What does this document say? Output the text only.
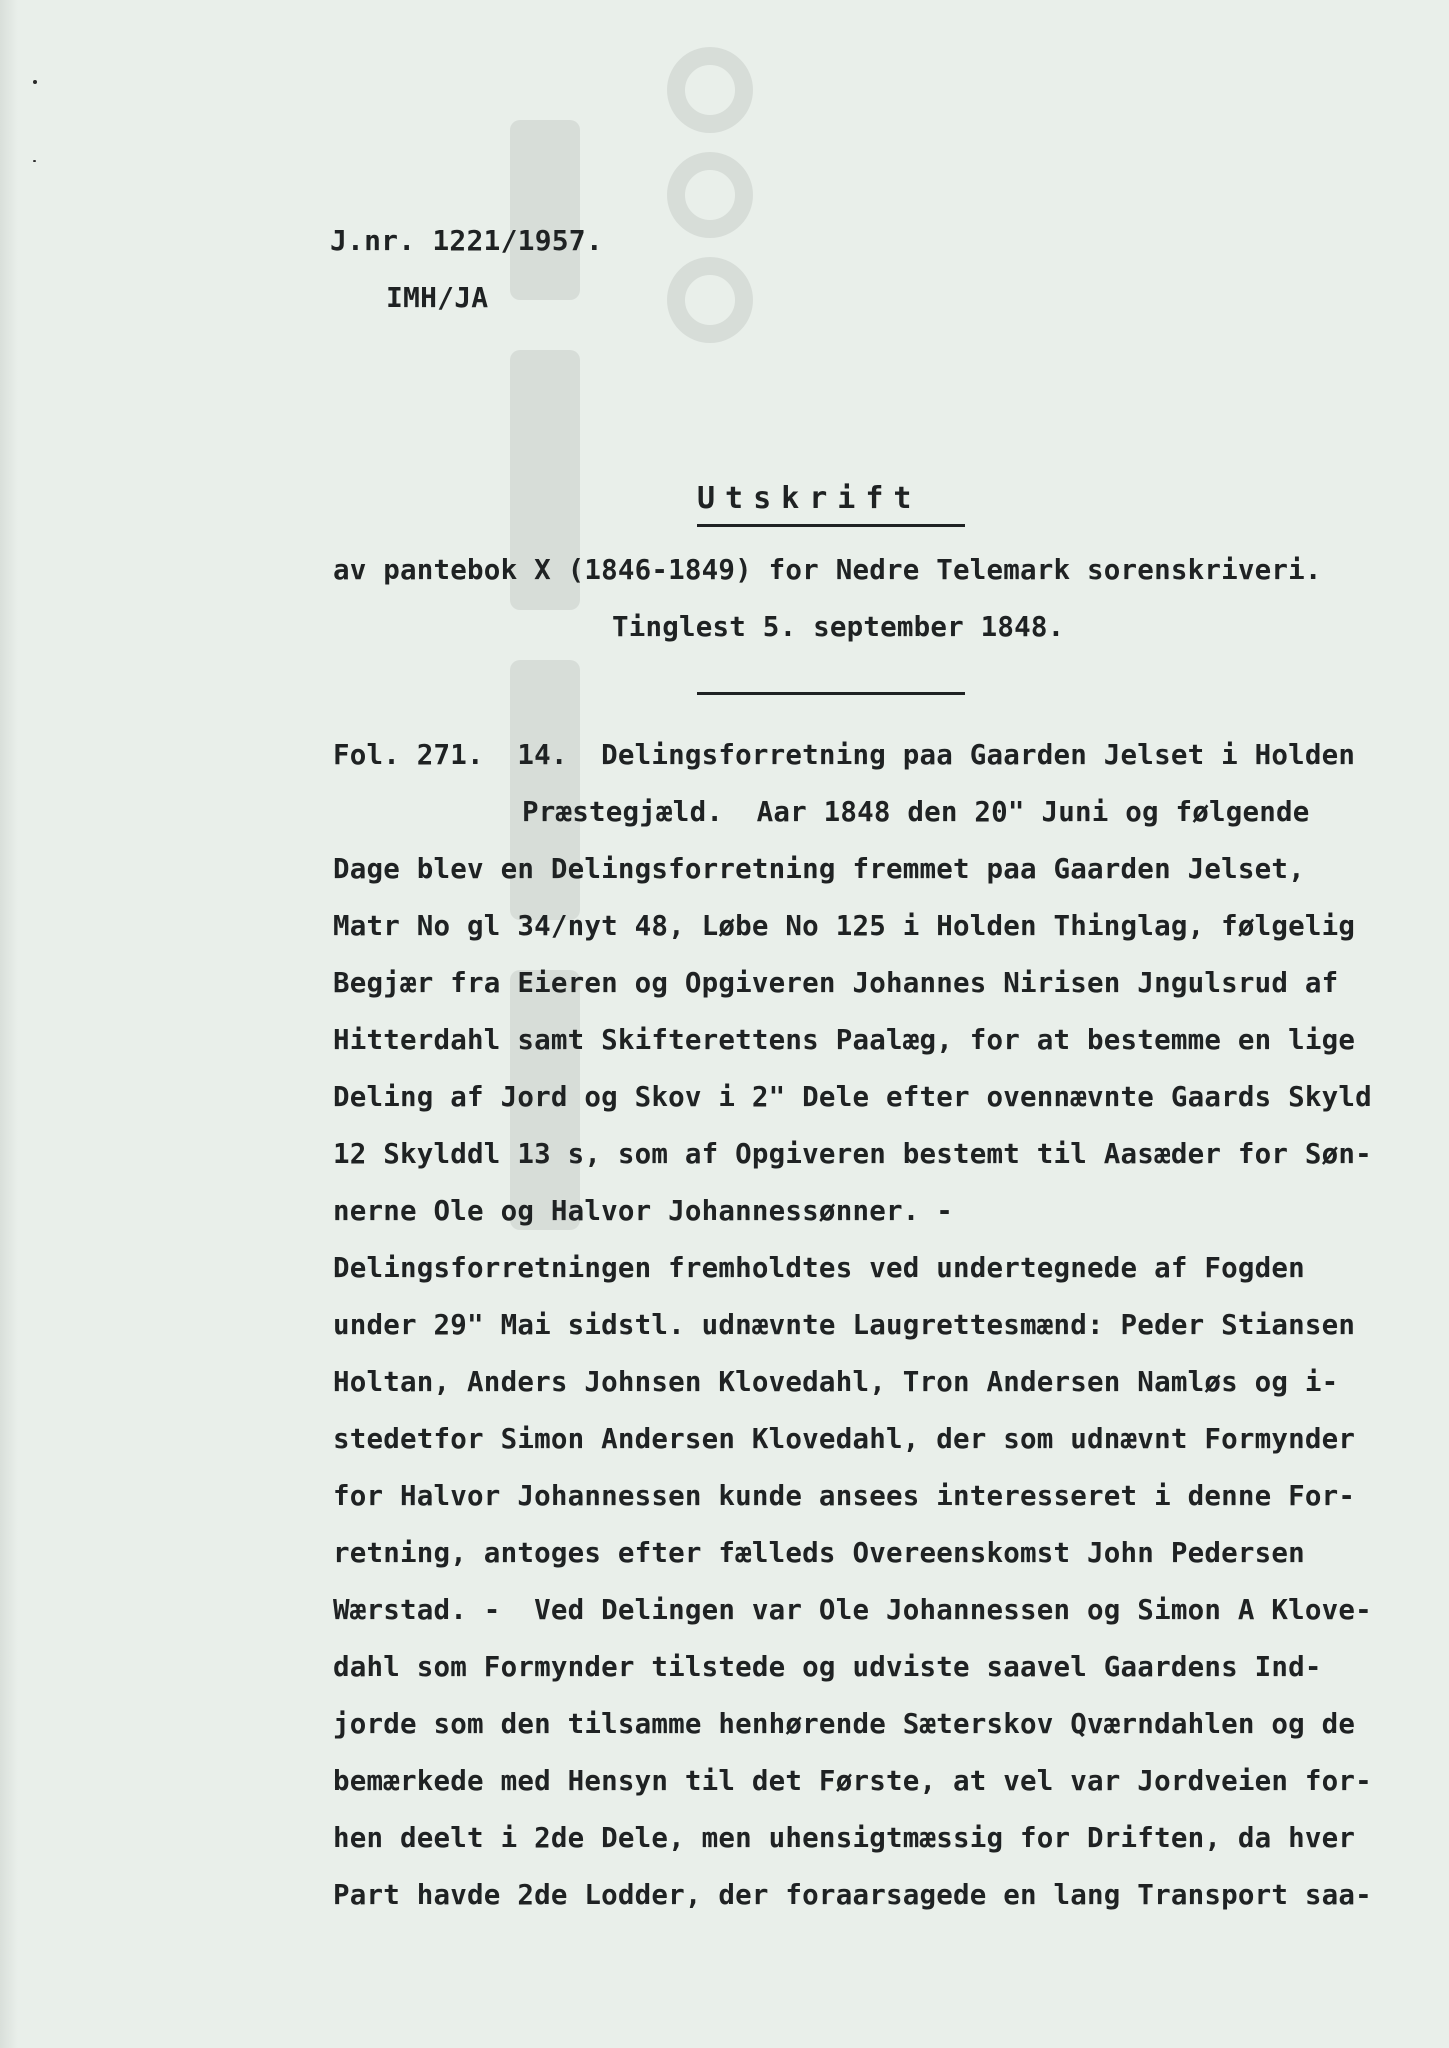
J.nr. 1221/1957.
IMH/JA
Utskrift
av pantebok X (1846-1849) for Nedre Telemark sorenskriveri.
Tinglest 5. september 1848.
Fol. 271.  14.  Delingsforretning paa Gaarden Jelset i Holden
Præstegjæld.  Aar 1848 den 20" Juni og følgende
Dage blev en Delingsforretning fremmet paa Gaarden Jelset,
Matr No gl 34/nyt 48, Løbe No 125 i Holden Thinglag, følgelig
Begjær fra Eieren og Opgiveren Johannes Nirisen Jngulsrud af
Hitterdahl samt Skifterettens Paalæg, for at bestemme en lige
Deling af Jord og Skov i 2" Dele efter ovennævnte Gaards Skyld
12 Skylddl 13 s, som af Opgiveren bestemt til Aasæder for Søn-
nerne Ole og Halvor Johannessønner. -
Delingsforretningen fremholdtes ved undertegnede af Fogden
under 29" Mai sidstl. udnævnte Laugrettesmænd: Peder Stiansen
Holtan, Anders Johnsen Klovedahl, Tron Andersen Namløs og i-
stedetfor Simon Andersen Klovedahl, der som udnævnt Formynder
for Halvor Johannessen kunde ansees interesseret i denne For-
retning, antoges efter fælleds Overeenskomst John Pedersen
Wærstad. -  Ved Delingen var Ole Johannessen og Simon A Klove-
dahl som Formynder tilstede og udviste saavel Gaardens Ind-
jorde som den tilsamme henhørende Sæterskov Qværndahlen og de
bemærkede med Hensyn til det Første, at vel var Jordveien for-
hen deelt i 2de Dele, men uhensigtmæssig for Driften, da hver
Part havde 2de Lodder, der foraarsagede en lang Transport saa-
